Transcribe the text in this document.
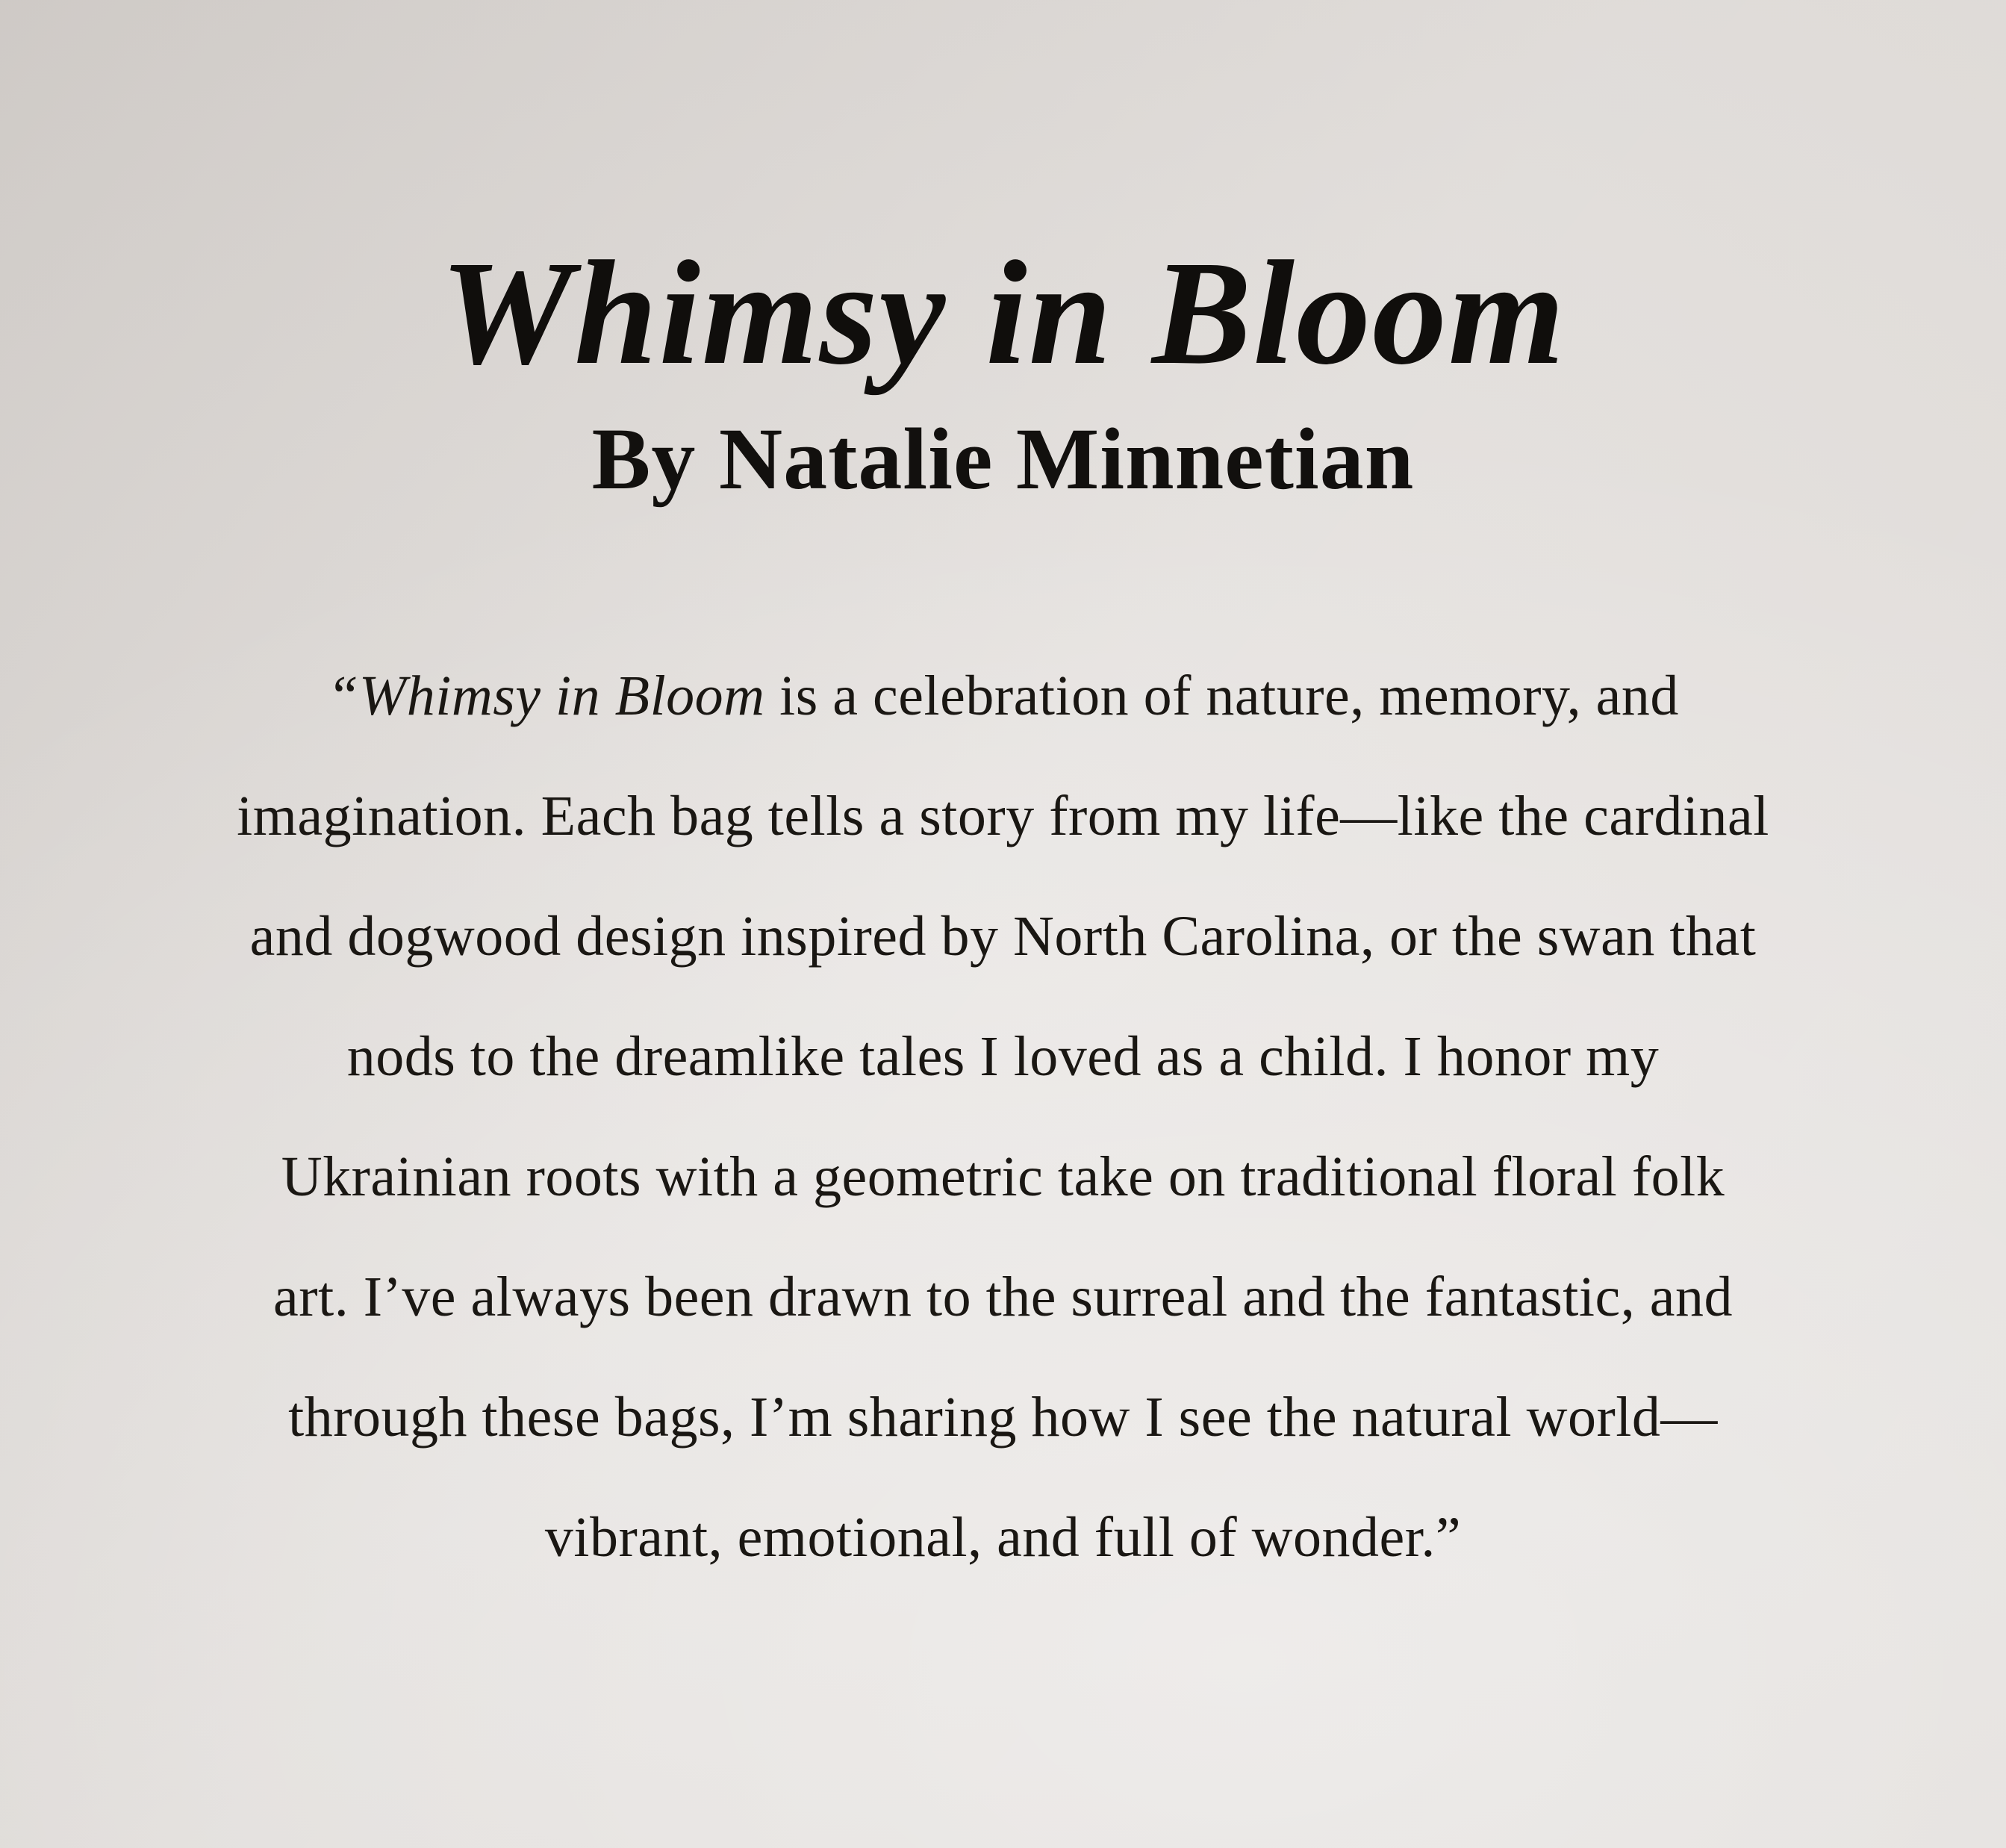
Whimsy in Bloom
By Natalie Minnetian
“Whimsy in Bloom is a celebration of nature, memory, and
imagination. Each bag tells a story from my life—like the cardinal
and dogwood design inspired by North Carolina, or the swan that
nods to the dreamlike tales I loved as a child. I honor my
Ukrainian roots with a geometric take on traditional floral folk
art. I’ve always been drawn to the surreal and the fantastic, and
through these bags, I’m sharing how I see the natural world—
vibrant, emotional, and full of wonder.”
